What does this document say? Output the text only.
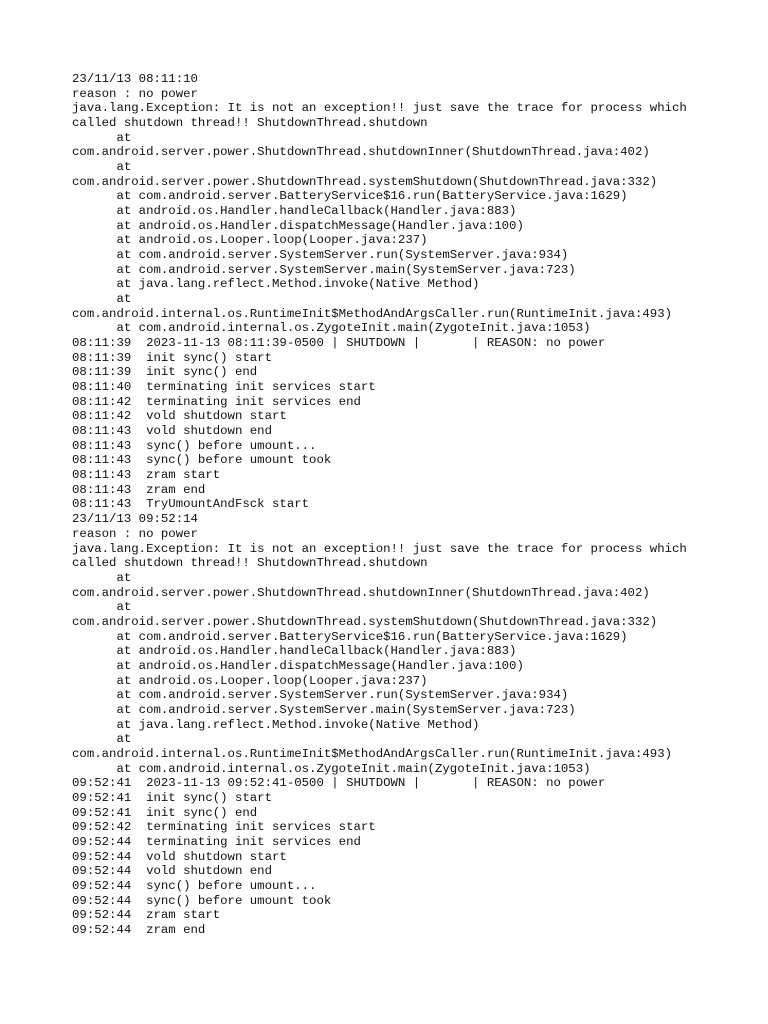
23/11/13 08:11:10
reason : no power
java.lang.Exception: It is not an exception!! just save the trace for process which
called shutdown thread!! ShutdownThread.shutdown
at
com.android.server.power.ShutdownThread.shutdownInner(ShutdownThread.java:402)
at
com.android.server.power.ShutdownThread.systemShutdown(ShutdownThread.java:332)
at com.android.server.BatteryService$16.run(BatteryService.java:1629)
at android.os.Handler.handleCallback(Handler.java:883)
at android.os.Handler.dispatchMessage(Handler.java:100)
at android.os.Looper.loop(Looper.java:237)
at com.android.server.SystemServer.run(SystemServer.java:934)
at com.android.server.SystemServer.main(SystemServer.java:723)
at java.lang.reflect.Method.invoke(Native Method)
at
com.android.internal.os.RuntimeInit$MethodAndArgsCaller.run(RuntimeInit.java:493)
at com.android.internal.os.ZygoteInit.main(ZygoteInit.java:1053)
08:11:39  2023-11-13 08:11:39-0500 | SHUTDOWN |       | REASON: no power
08:11:39  init sync() start
08:11:39  init sync() end
08:11:40  terminating init services start
08:11:42  terminating init services end
08:11:42  vold shutdown start
08:11:43  vold shutdown end
08:11:43  sync() before umount...
08:11:43  sync() before umount took
08:11:43  zram start
08:11:43  zram end
08:11:43  TryUmountAndFsck start
23/11/13 09:52:14
reason : no power
java.lang.Exception: It is not an exception!! just save the trace for process which
called shutdown thread!! ShutdownThread.shutdown
at
com.android.server.power.ShutdownThread.shutdownInner(ShutdownThread.java:402)
at
com.android.server.power.ShutdownThread.systemShutdown(ShutdownThread.java:332)
at com.android.server.BatteryService$16.run(BatteryService.java:1629)
at android.os.Handler.handleCallback(Handler.java:883)
at android.os.Handler.dispatchMessage(Handler.java:100)
at android.os.Looper.loop(Looper.java:237)
at com.android.server.SystemServer.run(SystemServer.java:934)
at com.android.server.SystemServer.main(SystemServer.java:723)
at java.lang.reflect.Method.invoke(Native Method)
at
com.android.internal.os.RuntimeInit$MethodAndArgsCaller.run(RuntimeInit.java:493)
at com.android.internal.os.ZygoteInit.main(ZygoteInit.java:1053)
09:52:41  2023-11-13 09:52:41-0500 | SHUTDOWN |       | REASON: no power
09:52:41  init sync() start
09:52:41  init sync() end
09:52:42  terminating init services start
09:52:44  terminating init services end
09:52:44  vold shutdown start
09:52:44  vold shutdown end
09:52:44  sync() before umount...
09:52:44  sync() before umount took
09:52:44  zram start
09:52:44  zram end
